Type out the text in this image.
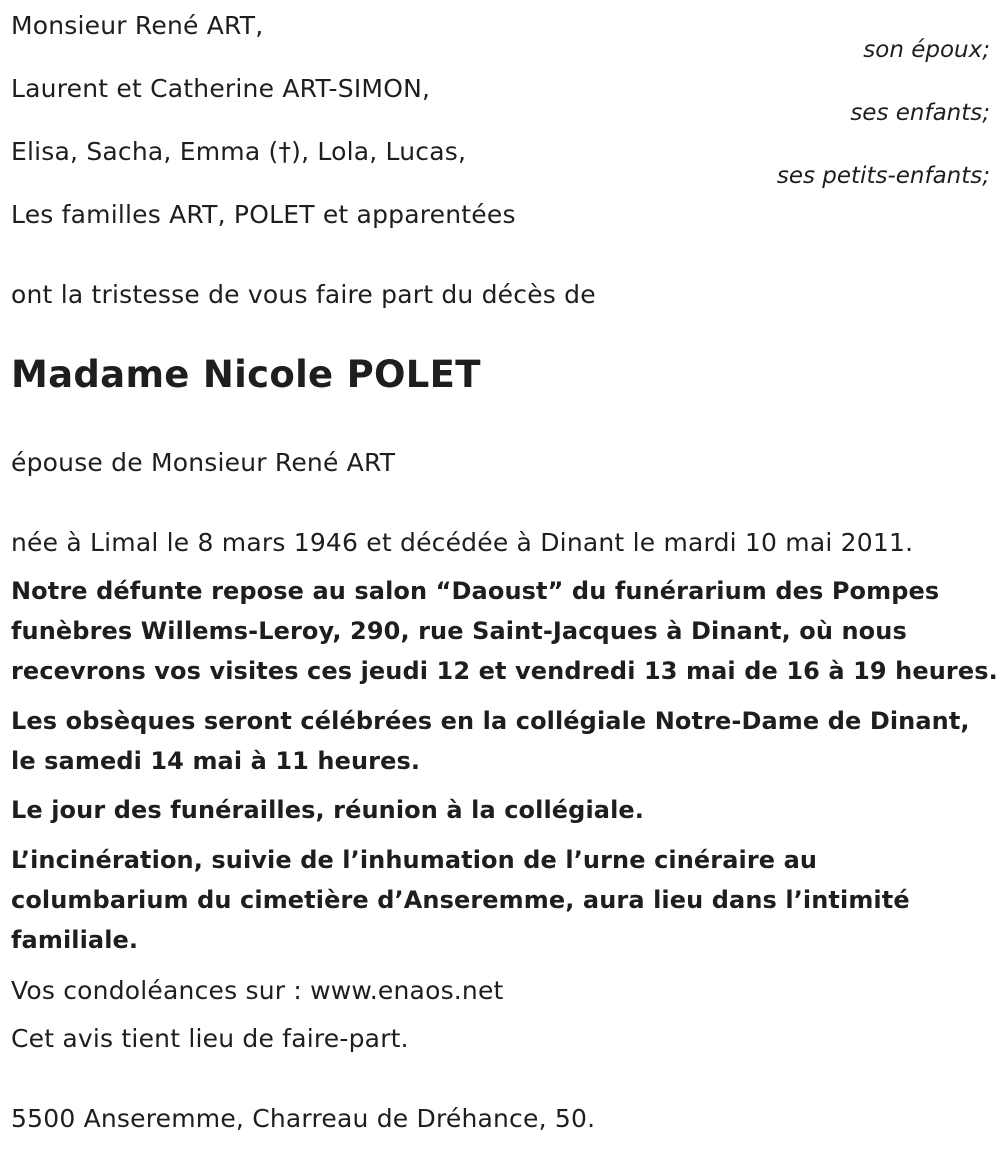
Monsieur René ART,
son époux;
Laurent et Catherine ART-SIMON,
ses enfants;
Elisa, Sacha, Emma (†), Lola, Lucas,
ses petits-enfants;
Les familles ART, POLET et apparentées
ont la tristesse de vous faire part du décès de
Madame Nicole POLET
épouse de Monsieur René ART
née à Limal le 8 mars 1946 et décédée à Dinant le mardi 10 mai 2011.
Notre défunte repose au salon “Daoust” du funérarium des Pompes
funèbres Willems-Leroy, 290, rue Saint-Jacques à Dinant, où nous
recevrons vos visites ces jeudi 12 et vendredi 13 mai de 16 à 19 heures.
Les obsèques seront célébrées en la collégiale Notre-Dame de Dinant,
le samedi 14 mai à 11 heures.
Le jour des funérailles, réunion à la collégiale.
L’incinération, suivie de l’inhumation de l’urne cinéraire au
columbarium du cimetière d’Anseremme, aura lieu dans l’intimité
familiale.
Vos condoléances sur : www.enaos.net
Cet avis tient lieu de faire-part.
5500 Anseremme, Charreau de Dréhance, 50.
